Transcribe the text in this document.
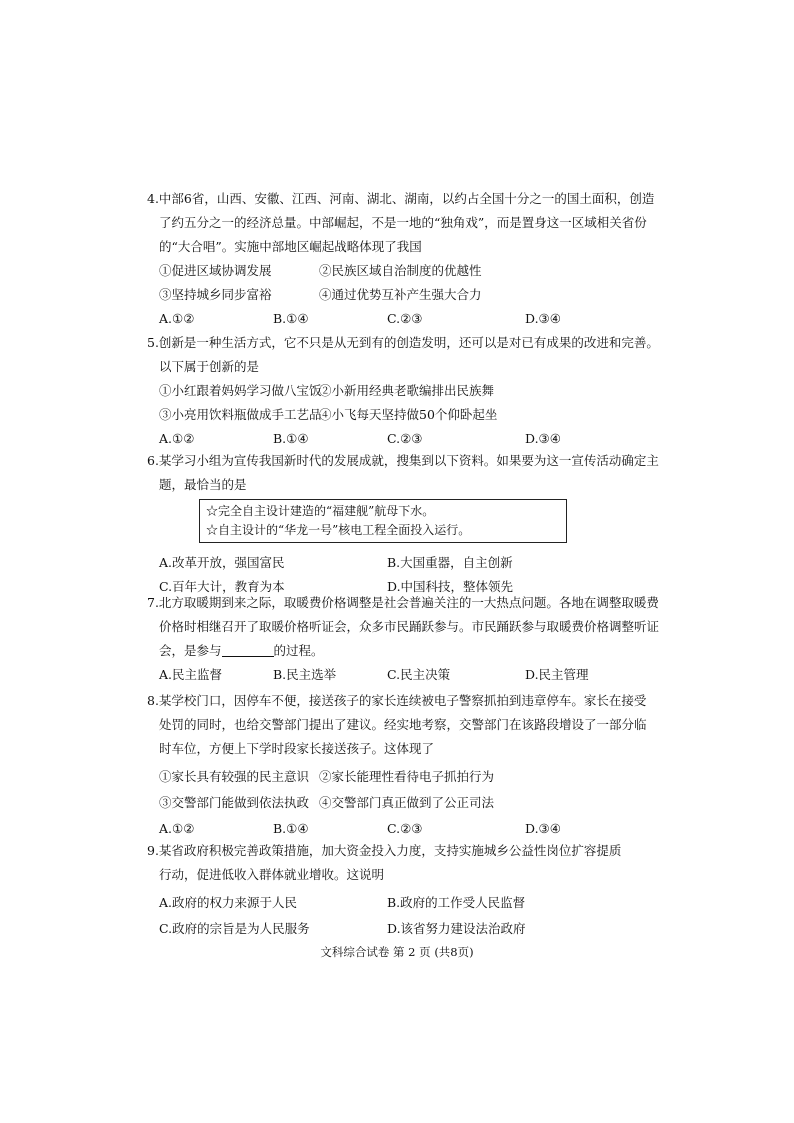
4.中部6省，山西、安徽、江西、河南、湖北、湖南，以约占全国十分之一的国土面积，创造
了约五分之一的经济总量。中部崛起，不是一地的“独角戏”，而是置身这一区域相关省份
的“大合唱”。实施中部地区崛起战略体现了我国
①促进区域协调发展	②民族区域自治制度的优越性
③坚持城乡同步富裕	④通过优势互补产生强大合力
A.①②	B.①④	C.②③	D.③④
5.创新是一种生活方式，它不只是从无到有的创造发明，还可以是对已有成果的改进和完善。
以下属于创新的是
①小红跟着妈妈学习做八宝饭
②小新用经典老歌编排出民族舞
③小亮用饮料瓶做成手工艺品
④小飞每天坚持做50个仰卧起坐
A.①②	B.①④	C.②③	D.③④
6.某学习小组为宣传我国新时代的发展成就，搜集到以下资料。如果要为这一宣传活动确定主
题，最恰当的是
☆完全自主设计建造的“福建舰”航母下水。
☆自主设计的“华龙一号”核电工程全面投入运行。
A.改革开放，强国富民	B.大国重器，自主创新
C.百年大计，教育为本	D.中国科技，整体领先
7.北方取暖期到来之际，取暖费价格调整是社会普遍关注的一大热点问题。各地在调整取暖费
价格时相继召开了取暖价格听证会，众多市民踊跃参与。市民踊跃参与取暖费价格调整听证
会，是参与	的过程。
A.民主监督	B.民主选举	C.民主决策	D.民主管理
8.某学校门口，因停车不便，接送孩子的家长连续被电子警察抓拍到违章停车。家长在接受
处罚的同时，也给交警部门提出了建议。经实地考察，交警部门在该路段增设了一部分临
时车位，方便上下学时段家长接送孩子。这体现了
①家长具有较强的民主意识 ②家长能理性看待电子抓拍行为
③交警部门能做到依法执政 ④交警部门真正做到了公正司法
A.①②	B.①④	C.②③	D.③④
9.某省政府积极完善政策措施，加大资金投入力度，支持实施城乡公益性岗位扩容提质
行动，促进低收入群体就业增收。这说明
A.政府的权力来源于人民	B.政府的工作受人民监督
C.政府的宗旨是为人民服务	D.该省努力建设法治政府
文科综合试卷 第 2 页 (共8页)
